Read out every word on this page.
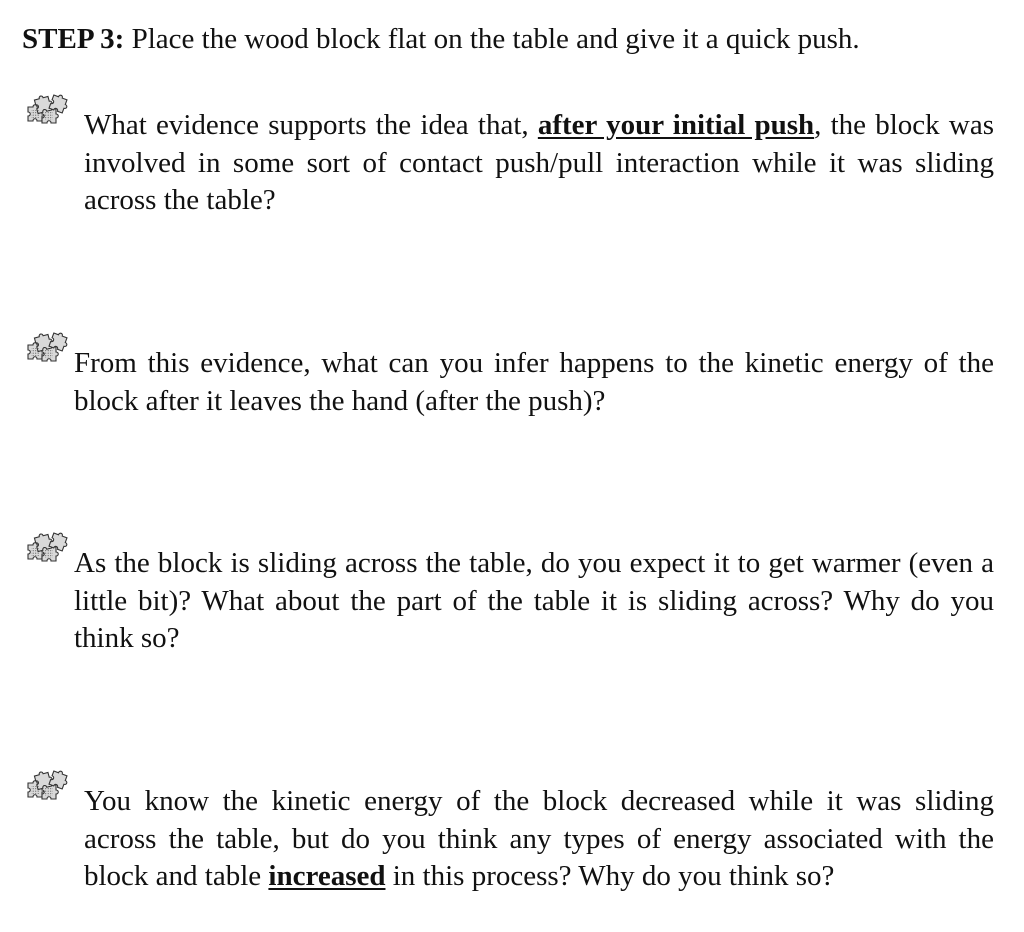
STEP 3: Place the wood block flat on the table and give it a quick push.
What evidence supports the idea that, after your initial push, the block was involved in some sort of contact push/pull interaction while it was sliding across the table?
From this evidence, what can you infer happens to the kinetic energy of the block after it leaves the hand (after the push)?
As the block is sliding across the table, do you expect it to get warmer (even a little bit)? What about the part of the table it is sliding across? Why do you think so?
You know the kinetic energy of the block decreased while it was sliding across the table, but do you think any types of energy associated with the block and table increased in this process? Why do you think so?
